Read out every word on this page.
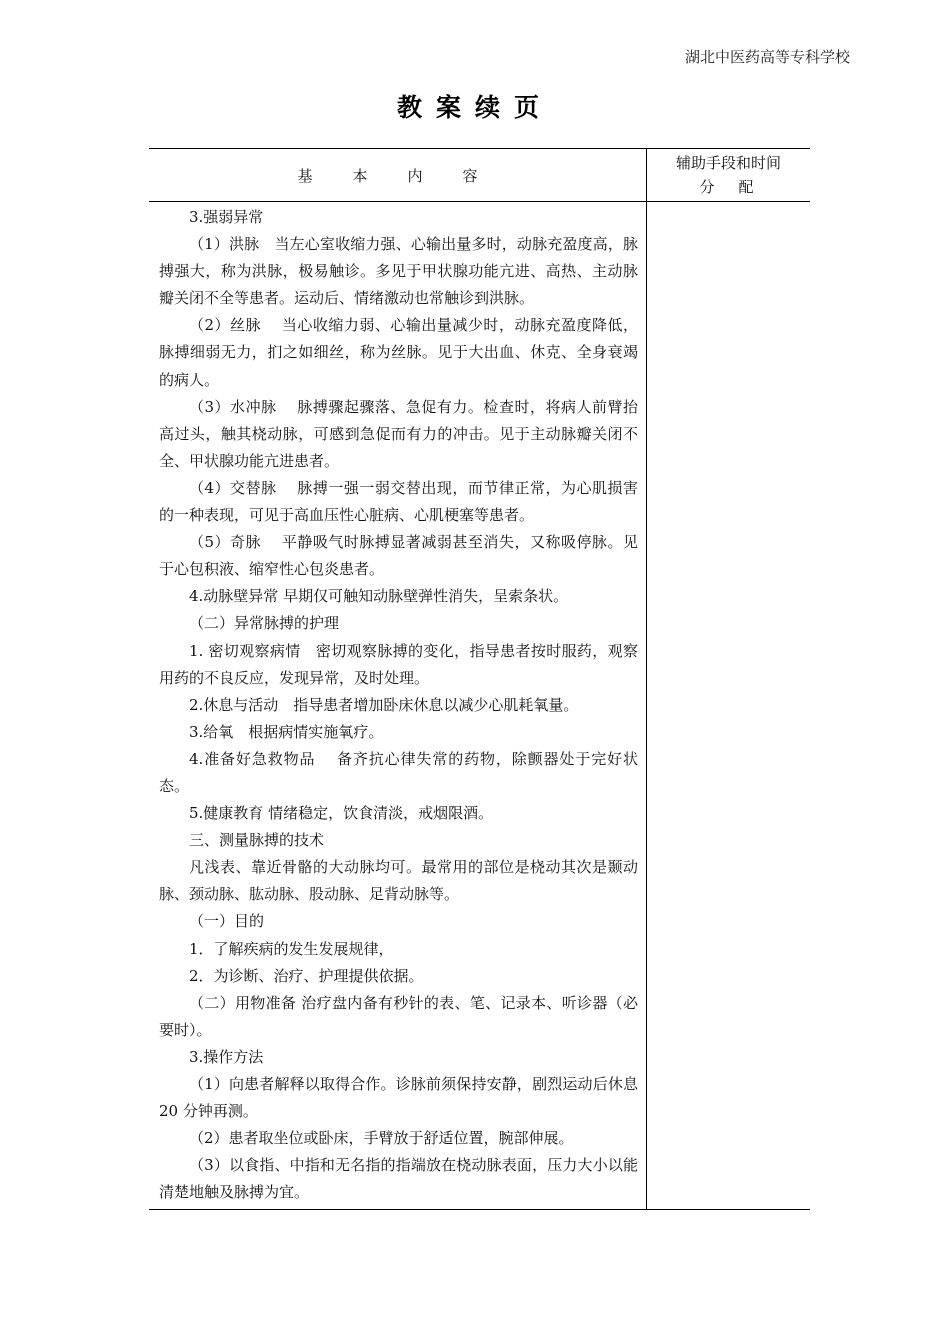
湖北中医药高等专科学校
教案续页
基本内容
辅助手段和时间
分配

3.强弱异常

（1）洪脉　当左心室收缩力强、心输出量多时，动脉充盈度高，脉搏强大，称为洪脉，极易触诊。多见于甲状腺功能亢进、高热、主动脉瓣关闭不全等患者。运动后、情绪激动也常触诊到洪脉。

（2）丝脉　 当心收缩力弱、心输出量减少时，动脉充盈度降低，脉搏细弱无力，扪之如细丝，称为丝脉。见于大出血、休克、全身衰竭的病人。

（3）水冲脉　 脉搏骤起骤落、急促有力。检查时，将病人前臂抬高过头，触其桡动脉，可感到急促而有力的冲击。见于主动脉瓣关闭不全、甲状腺功能亢进患者。

（4）交替脉　 脉搏一强一弱交替出现，而节律正常，为心肌损害的一种表现，可见于高血压性心脏病、心肌梗塞等患者。

（5）奇脉　 平静吸气时脉搏显著减弱甚至消失，又称吸停脉。见于心包积液、缩窄性心包炎患者。

4.动脉壁异常 早期仅可触知动脉壁弹性消失，呈索条状。

（二）异常脉搏的护理

1. 密切观察病情　密切观察脉搏的变化，指导患者按时服药，观察用药的不良反应，发现异常，及时处理。

2.休息与活动　指导患者增加卧床休息以减少心肌耗氧量。

3.给氧　根据病情实施氧疗。

4.准备好急救物品　 备齐抗心律失常的药物，除颤器处于完好状态。

5.健康教育 情绪稳定，饮食清淡，戒烟限酒。

三、测量脉搏的技术

凡浅表、靠近骨骼的大动脉均可。最常用的部位是桡动其次是颞动脉、颈动脉、肱动脉、股动脉、足背动脉等。

（一）目的

1．了解疾病的发生发展规律，

2．为诊断、治疗、护理提供依据。

（二）用物准备 治疗盘内备有秒针的表、笔、记录本、听诊器（必要时）。

3.操作方法

（1）向患者解释以取得合作。诊脉前须保持安静，剧烈运动后休息 20 分钟再测。

（2）患者取坐位或卧床，手臂放于舒适位置，腕部伸展。

（3）以食指、中指和无名指的指端放在桡动脉表面，压力大小以能清楚地触及脉搏为宜。
